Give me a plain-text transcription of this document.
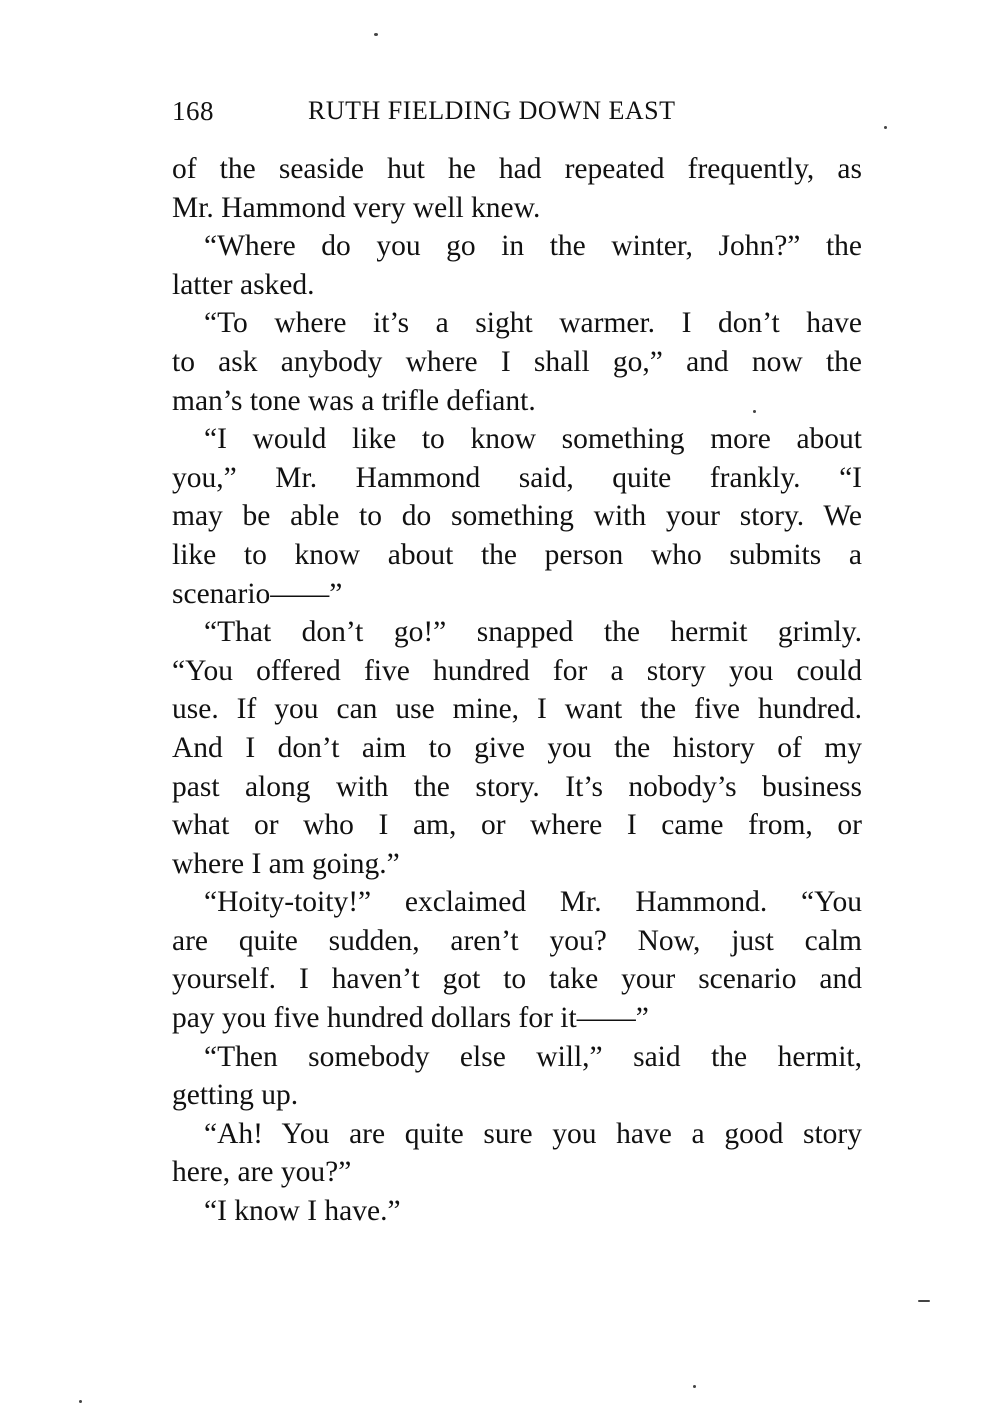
168	RUTH FIELDING DOWN EAST
of the seaside hut he had repeated frequently, as
Mr. Hammond very well knew.
“Where do you go in the winter, John?” the
latter asked.
“To where it’s a sight warmer. I don’t have
to ask anybody where I shall go,” and now the
man’s tone was a trifle defiant.
“I would like to know something more about
you,” Mr. Hammond said, quite frankly. “I
may be able to do something with your story. We
like to know about the person who submits a
scenario——”
“That don’t go!” snapped the hermit grimly.
“You offered five hundred for a story you could
use. If you can use mine, I want the five hundred.
And I don’t aim to give you the history of my
past along with the story. It’s nobody’s business
what or who I am, or where I came from, or
where I am going.”
“Hoity-toity!” exclaimed Mr. Hammond. “You
are quite sudden, aren’t you? Now, just calm
yourself. I haven’t got to take your scenario and
pay you five hundred dollars for it——”
“Then somebody else will,” said the hermit,
getting up.
“Ah! You are quite sure you have a good story
here, are you?”
“I know I have.”
